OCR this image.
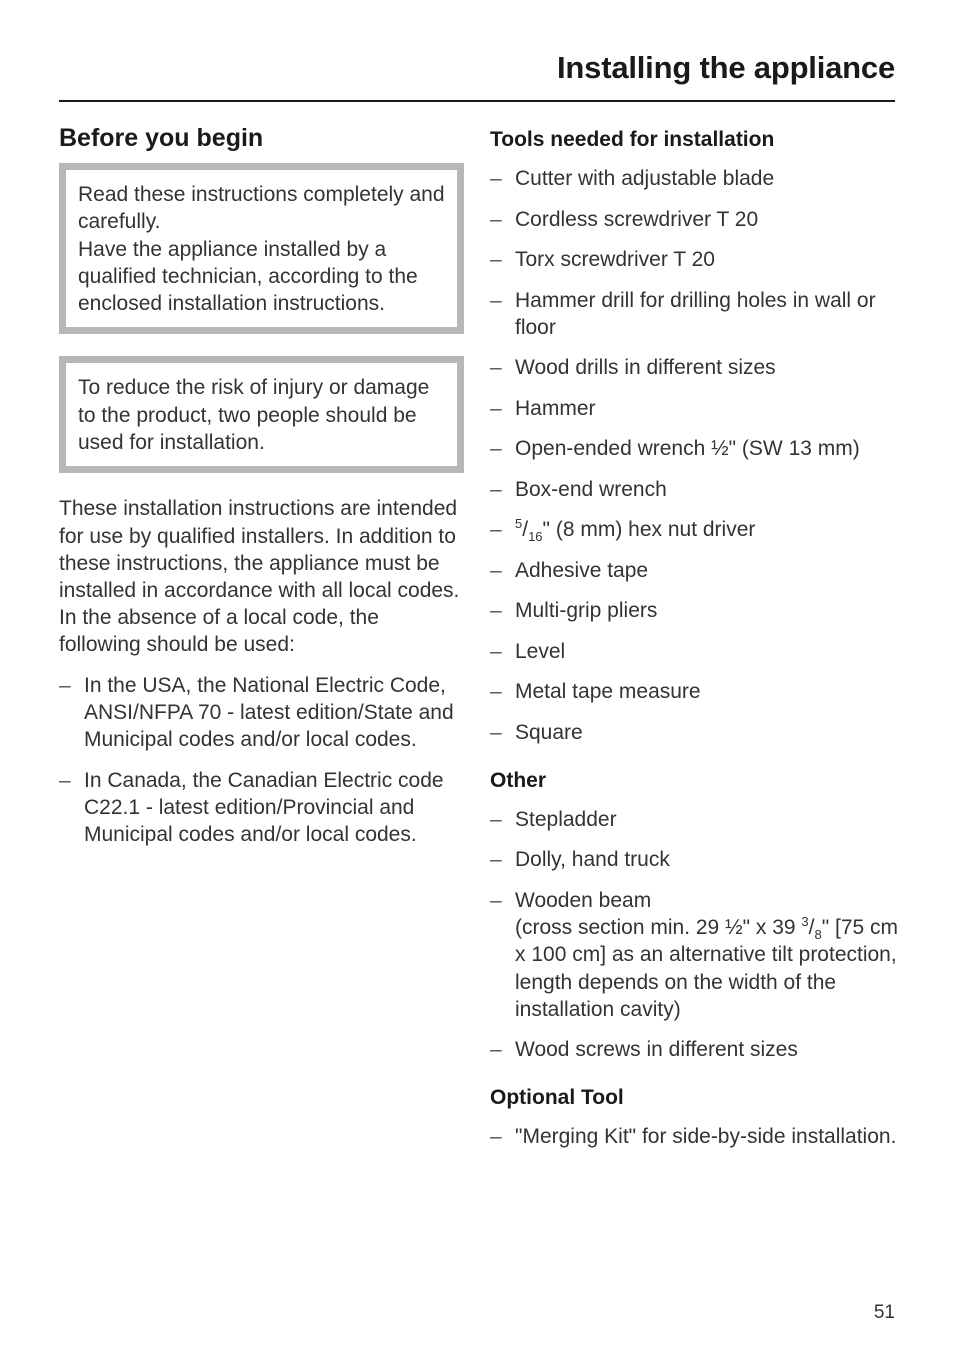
Installing the appliance
Before you begin

Read these instructions completely and carefully.

Have the appliance installed by a qualified technician, according to the enclosed installation instructions.

To reduce the risk of injury or damage to the product, two people should be used for installation.

These installation instructions are intended for use by qualified installers. In addition to these instructions, the appliance must be installed in accordance with all local codes. In the absence of a local code, the following should be used:

– In the USA, the National Electric Code, ANSI/NFPA 70 - latest edition/State and Municipal codes and/or local codes.
– In Canada, the Canadian Electric code C22.1 - latest edition/Provincial and Municipal codes and/or local codes.
Tools needed for installation
– Cutter with adjustable blade
– Cordless screwdriver T 20
– Torx screwdriver T 20
– Hammer drill for drilling holes in wall or floor
– Wood drills in different sizes
– Hammer
– Open-ended wrench ½" (SW 13 mm)
– Box-end wrench
– $^5/_{16}$" (8 mm) hex nut driver
– Adhesive tape
– Multi-grip pliers
– Level
– Metal tape measure
– Square
Other
– Stepladder
– Dolly, hand truck
– Wooden beam
(cross section min. 29 ½" x 39 $^3/_8$" [75 cm x 100 cm] as an alternative tilt protection, length depends on the width of the installation cavity)
– Wood screws in different sizes
Optional Tool
– "Merging Kit" for side-by-side installation.
51
